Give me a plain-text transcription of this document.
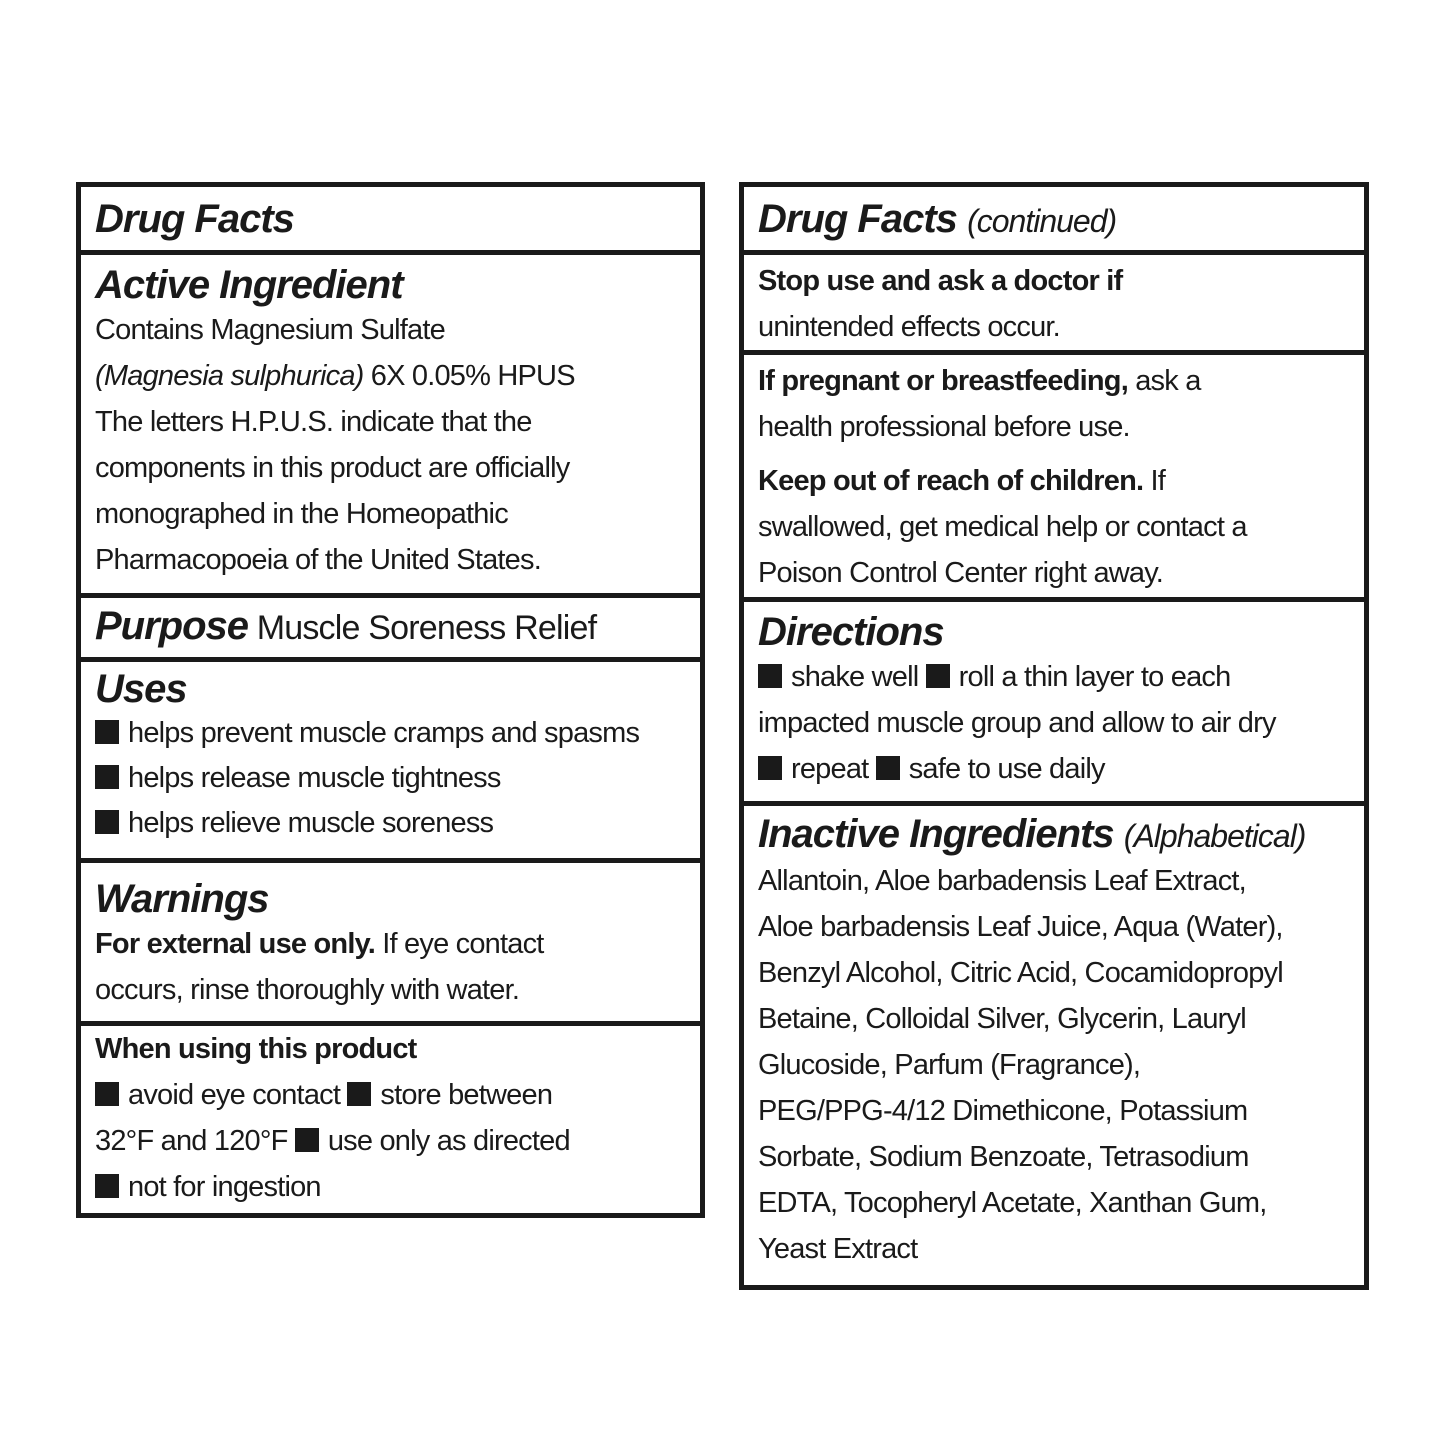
Drug Facts
Active Ingredient

Contains Magnesium Sulfate

(Magnesia sulphurica) 6X 0.05% HPUS

The letters H.P.U.S. indicate that the

components in this product are officially

monographed in the Homeopathic

Pharmacopoeia of the United States.

Purpose Muscle Soreness Relief
Uses

helps prevent muscle cramps and spasms

helps release muscle tightness

helps relieve muscle soreness

Warnings

For external use only. If eye contact

occurs, rinse thoroughly with water.

When using this product

avoid eye contact store between

32°F and 120°F use only as directed

not for ingestion

Drug Facts (continued)

Stop use and ask a doctor if

unintended effects occur.

If pregnant or breastfeeding, ask a

health professional before use.

Keep out of reach of children. If

swallowed, get medical help or contact a

Poison Control Center right away.

Directions

shake well roll a thin layer to each

impacted muscle group and allow to air dry

repeat safe to use daily

Inactive Ingredients (Alphabetical)

Allantoin, Aloe barbadensis Leaf Extract,

Aloe barbadensis Leaf Juice, Aqua (Water),

Benzyl Alcohol, Citric Acid, Cocamidopropyl

Betaine, Colloidal Silver, Glycerin, Lauryl

Glucoside, Parfum (Fragrance),

PEG/PPG-4/12 Dimethicone, Potassium

Sorbate, Sodium Benzoate, Tetrasodium

EDTA, Tocopheryl Acetate, Xanthan Gum,

Yeast Extract
